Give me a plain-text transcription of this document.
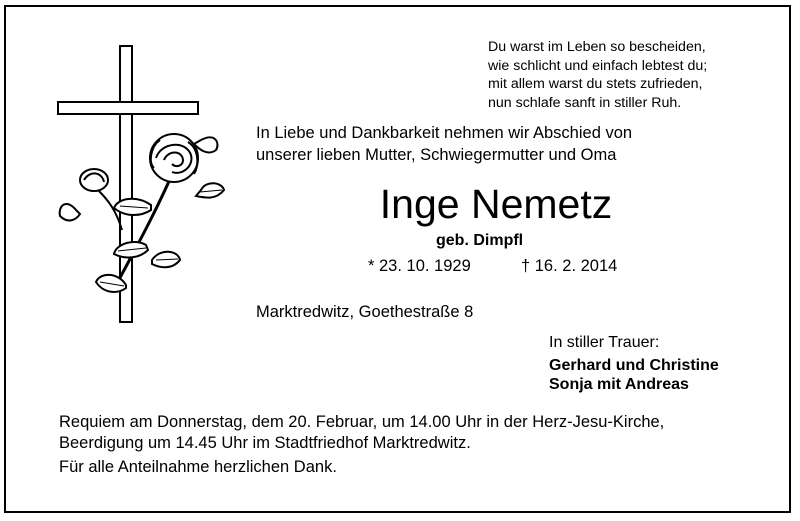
Du warst im Leben so bescheiden,
wie schlicht und einfach lebtest du;
mit allem warst du stets zufrieden,
nun schlafe sanft in stiller Ruh.
In Liebe und Dankbarkeit nehmen wir Abschied von
unserer lieben Mutter, Schwiegermutter und Oma
Inge Nemetz
geb. Dimpfl
* 23. 10. 1929	† 16. 2. 2014
Marktredwitz, Goethestraße 8
In stiller Trauer:
Gerhard und Christine
Sonja mit Andreas
Requiem am Donnerstag, dem 20. Februar, um 14.00 Uhr in der Herz-Jesu-Kirche,
Beerdigung um 14.45 Uhr im Stadtfriedhof Marktredwitz.
Für alle Anteilnahme herzlichen Dank.
